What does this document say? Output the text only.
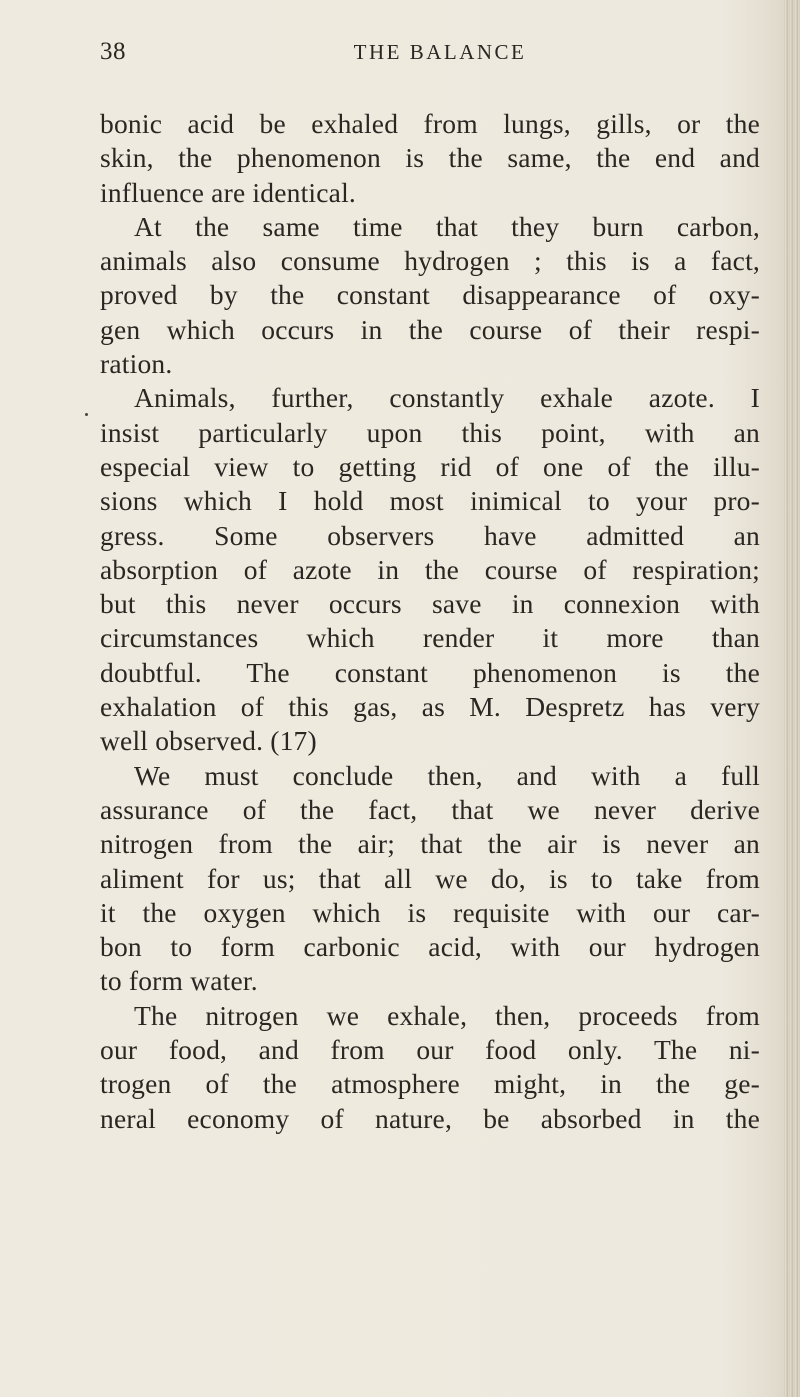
38	THE BALANCE
bonic acid be exhaled from lungs, gills, or the
skin, the phenomenon is the same, the end and
influence are identical.
At the same time that they burn carbon,
animals also consume hydrogen ; this is a fact,
proved by the constant disappearance of oxy-
gen which occurs in the course of their respi-
ration.
Animals, further, constantly exhale azote. I
insist particularly upon this point, with an
especial view to getting rid of one of the illu-
sions which I hold most inimical to your pro-
gress. Some observers have admitted an
absorption of azote in the course of respiration;
but this never occurs save in connexion with
circumstances which render it more than
doubtful. The constant phenomenon is the
exhalation of this gas, as M. Despretz has very
well observed. (17)
We must conclude then, and with a full
assurance of the fact, that we never derive
nitrogen from the air; that the air is never an
aliment for us; that all we do, is to take from
it the oxygen which is requisite with our car-
bon to form carbonic acid, with our hydrogen
to form water.
The nitrogen we exhale, then, proceeds from
our food, and from our food only. The ni-
trogen of the atmosphere might, in the ge-
neral economy of nature, be absorbed in the
